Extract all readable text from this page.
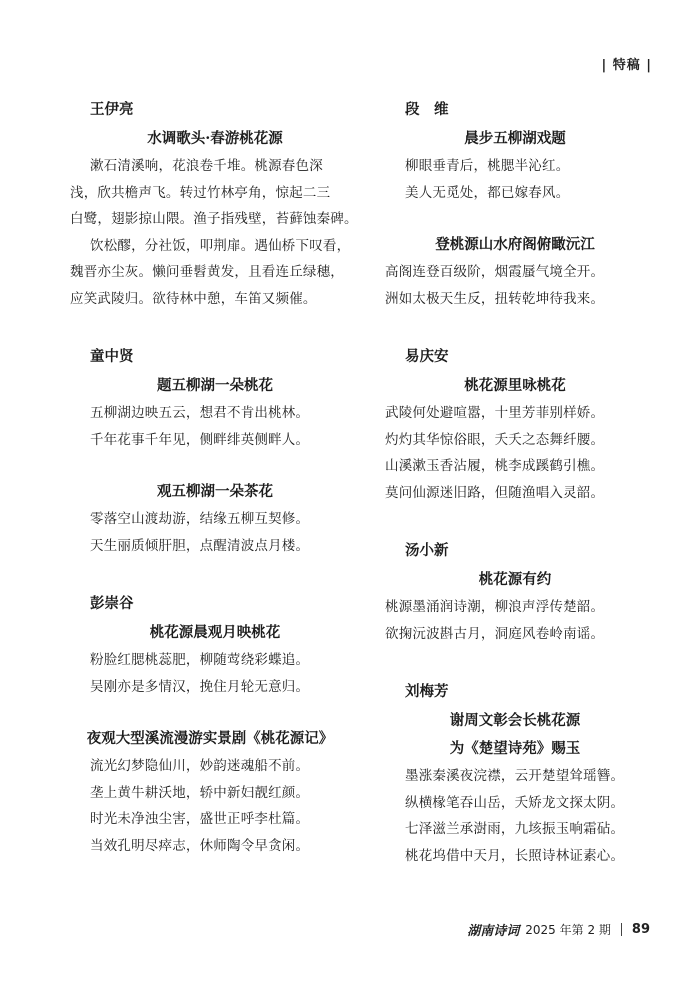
| 特稿 |
王伊亮
水调歌头·春游桃花源
漱石清溪响，花浪卷千堆。桃源春色深
浅，欣共檐声飞。转过竹林亭角，惊起二三
白鹭，翅影掠山隈。渔子指残壁，苔藓蚀秦碑。
饮松醪，分社饭，叩荆扉。遇仙桥下叹看，
魏晋亦尘灰。懒问垂髫黄发，且看连丘绿穗，
应笑武陵归。欲待林中憩，车笛又频催。
童中贤
题五柳湖一朵桃花
五柳湖边映五云，想君不肯出桃林。
千年花事千年见，侧畔绯英侧畔人。
观五柳湖一朵茶花
零落空山渡劫游，结缘五柳互契修。
天生丽质倾肝胆，点醒清波点月楼。
彭崇谷
桃花源晨观月映桃花
粉脸红腮桃蕊肥，柳随莺绕彩蝶追。
吴刚亦是多情汉，挽住月轮无意归。
夜观大型溪流漫游实景剧《桃花源记》
流光幻梦隐仙川，妙韵迷魂船不前。
垄上黄牛耕沃地，轿中新妇靓红颜。
时光未净浊尘害，盛世正呼李杜篇。
当效孔明尽瘁志，休师陶令早贪闲。
段　维
晨步五柳湖戏题
柳眼垂青后，桃腮半沁红。
美人无觅处，都已嫁春风。
登桃源山水府阁俯瞰沅江
高阁连登百级阶，烟霞蜃气境全开。
洲如太极天生反，扭转乾坤待我来。
易庆安
桃花源里咏桃花
武陵何处避喧嚣，十里芳菲别样娇。
灼灼其华惊俗眼，夭夭之态舞纤腰。
山溪漱玉香沾履，桃李成蹊鹤引樵。
莫问仙源迷旧路，但随渔唱入灵韶。
汤小新
桃花源有约
桃源墨涌润诗潮，柳浪声浮传楚韶。
欲掬沅波斟古月，洞庭风卷岭南谣。
刘梅芳
谢周文彰会长桃花源
为《楚望诗苑》赐玉
墨涨秦溪夜浣襟，云开楚望耸瑶簪。
纵横椽笔吞山岳，夭矫龙文探太阴。
七泽滋兰承澍雨，九垓振玉响霜砧。
桃花坞借中天月，长照诗林证素心。
湖南诗词 2025 年第 2 期 89
